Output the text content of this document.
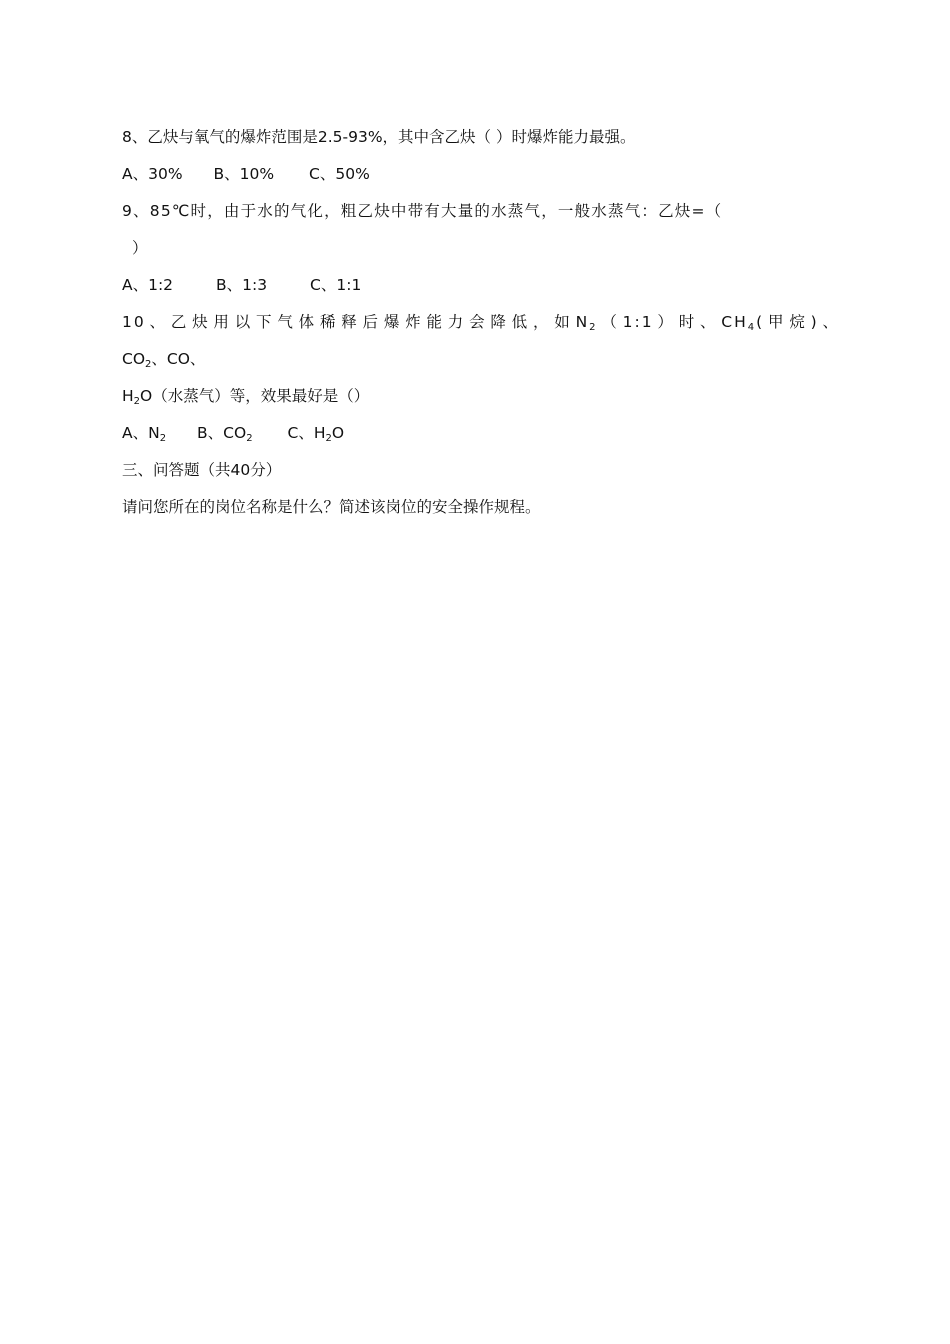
8、乙炔与氧气的爆炸范围是2.5-93%，其中含乙炔（ ）时爆炸能力最强。
A、30% B、10% C、50%
9、85℃时，由于水的气化，粗乙炔中带有大量的水蒸气，一般水蒸气：乙炔=（
）
A、1:2	B、1:3	C、1:1
10、乙炔用以下气体稀释后爆炸能力会降低，如$N_2(1:1)$时、$CH_4$(甲烷)、
$CO_2$、CO、
$H_2O$（水蒸气）等，效果最好是（）
A、$N_2$ B、$CO_2$ C、$H_2O$
三、问答题（共40分）
请问您所在的岗位名称是什么？简述该岗位的安全操作规程。
